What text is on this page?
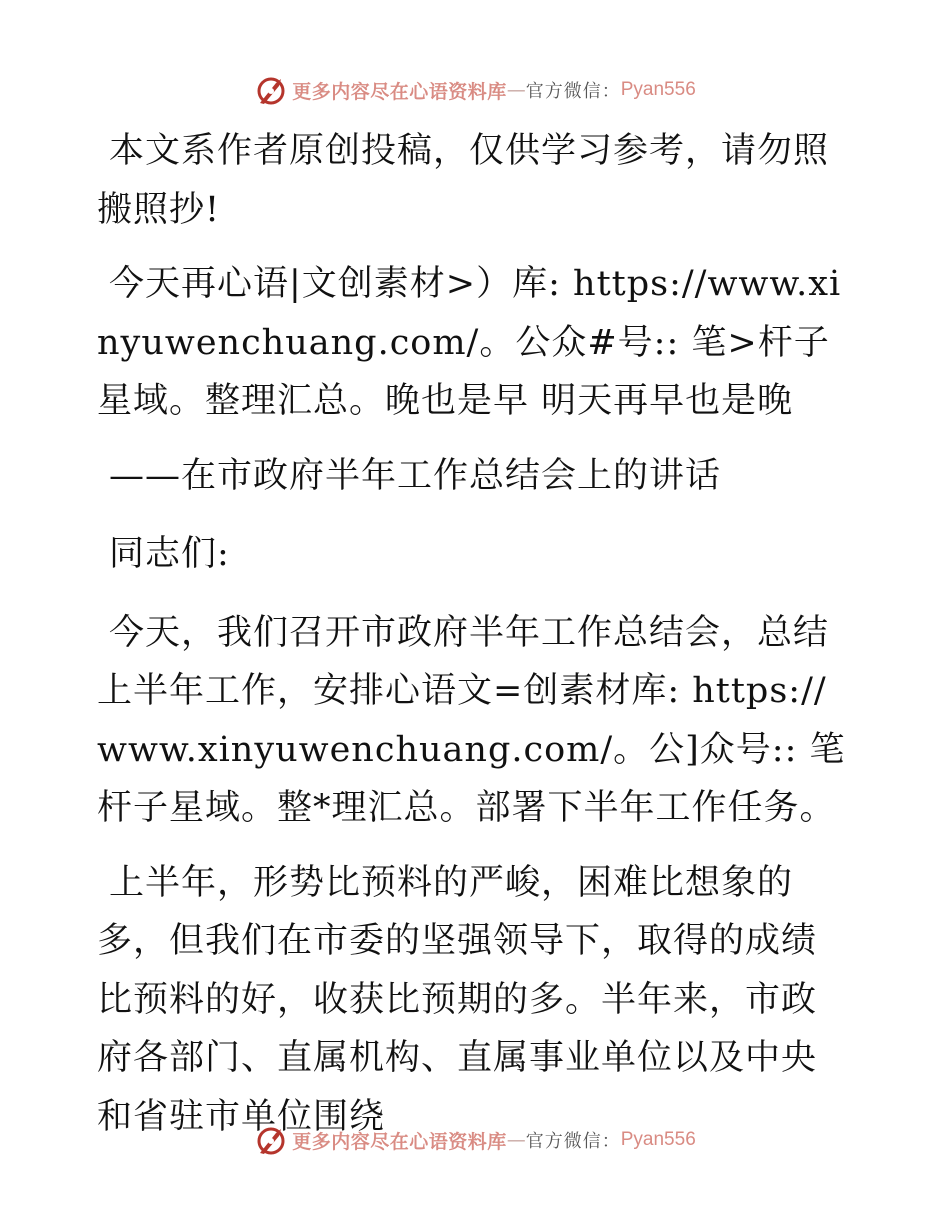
更多内容尽在心语资料库 — 官方微信： Pyan556

本文系作者原创投稿，仅供学习参考，请勿照搬照抄!

今天再心语|文创素材>）库: https://www.xinyuwenchuang.com/。公众#号:: 笔>杆子星域。整理汇总。晚也是早 明天再早也是晚

——在市政府半年工作总结会上的讲话

同志们:

今天，我们召开市政府半年工作总结会，总结上半年工作，安排心语文=创素材库: https://www.xinyuwenchuang.com/。公]众号:: 笔杆子星域。整*理汇总。部署下半年工作任务。

上半年，形势比预料的严峻，困难比想象的多，但我们在市委的坚强领导下，取得的成绩比预料的好，收获比预期的多。半年来，市政府各部门、直属机构、直属事业单位以及中央和省驻市单位围绕

更多内容尽在心语资料库 — 官方微信： Pyan556
